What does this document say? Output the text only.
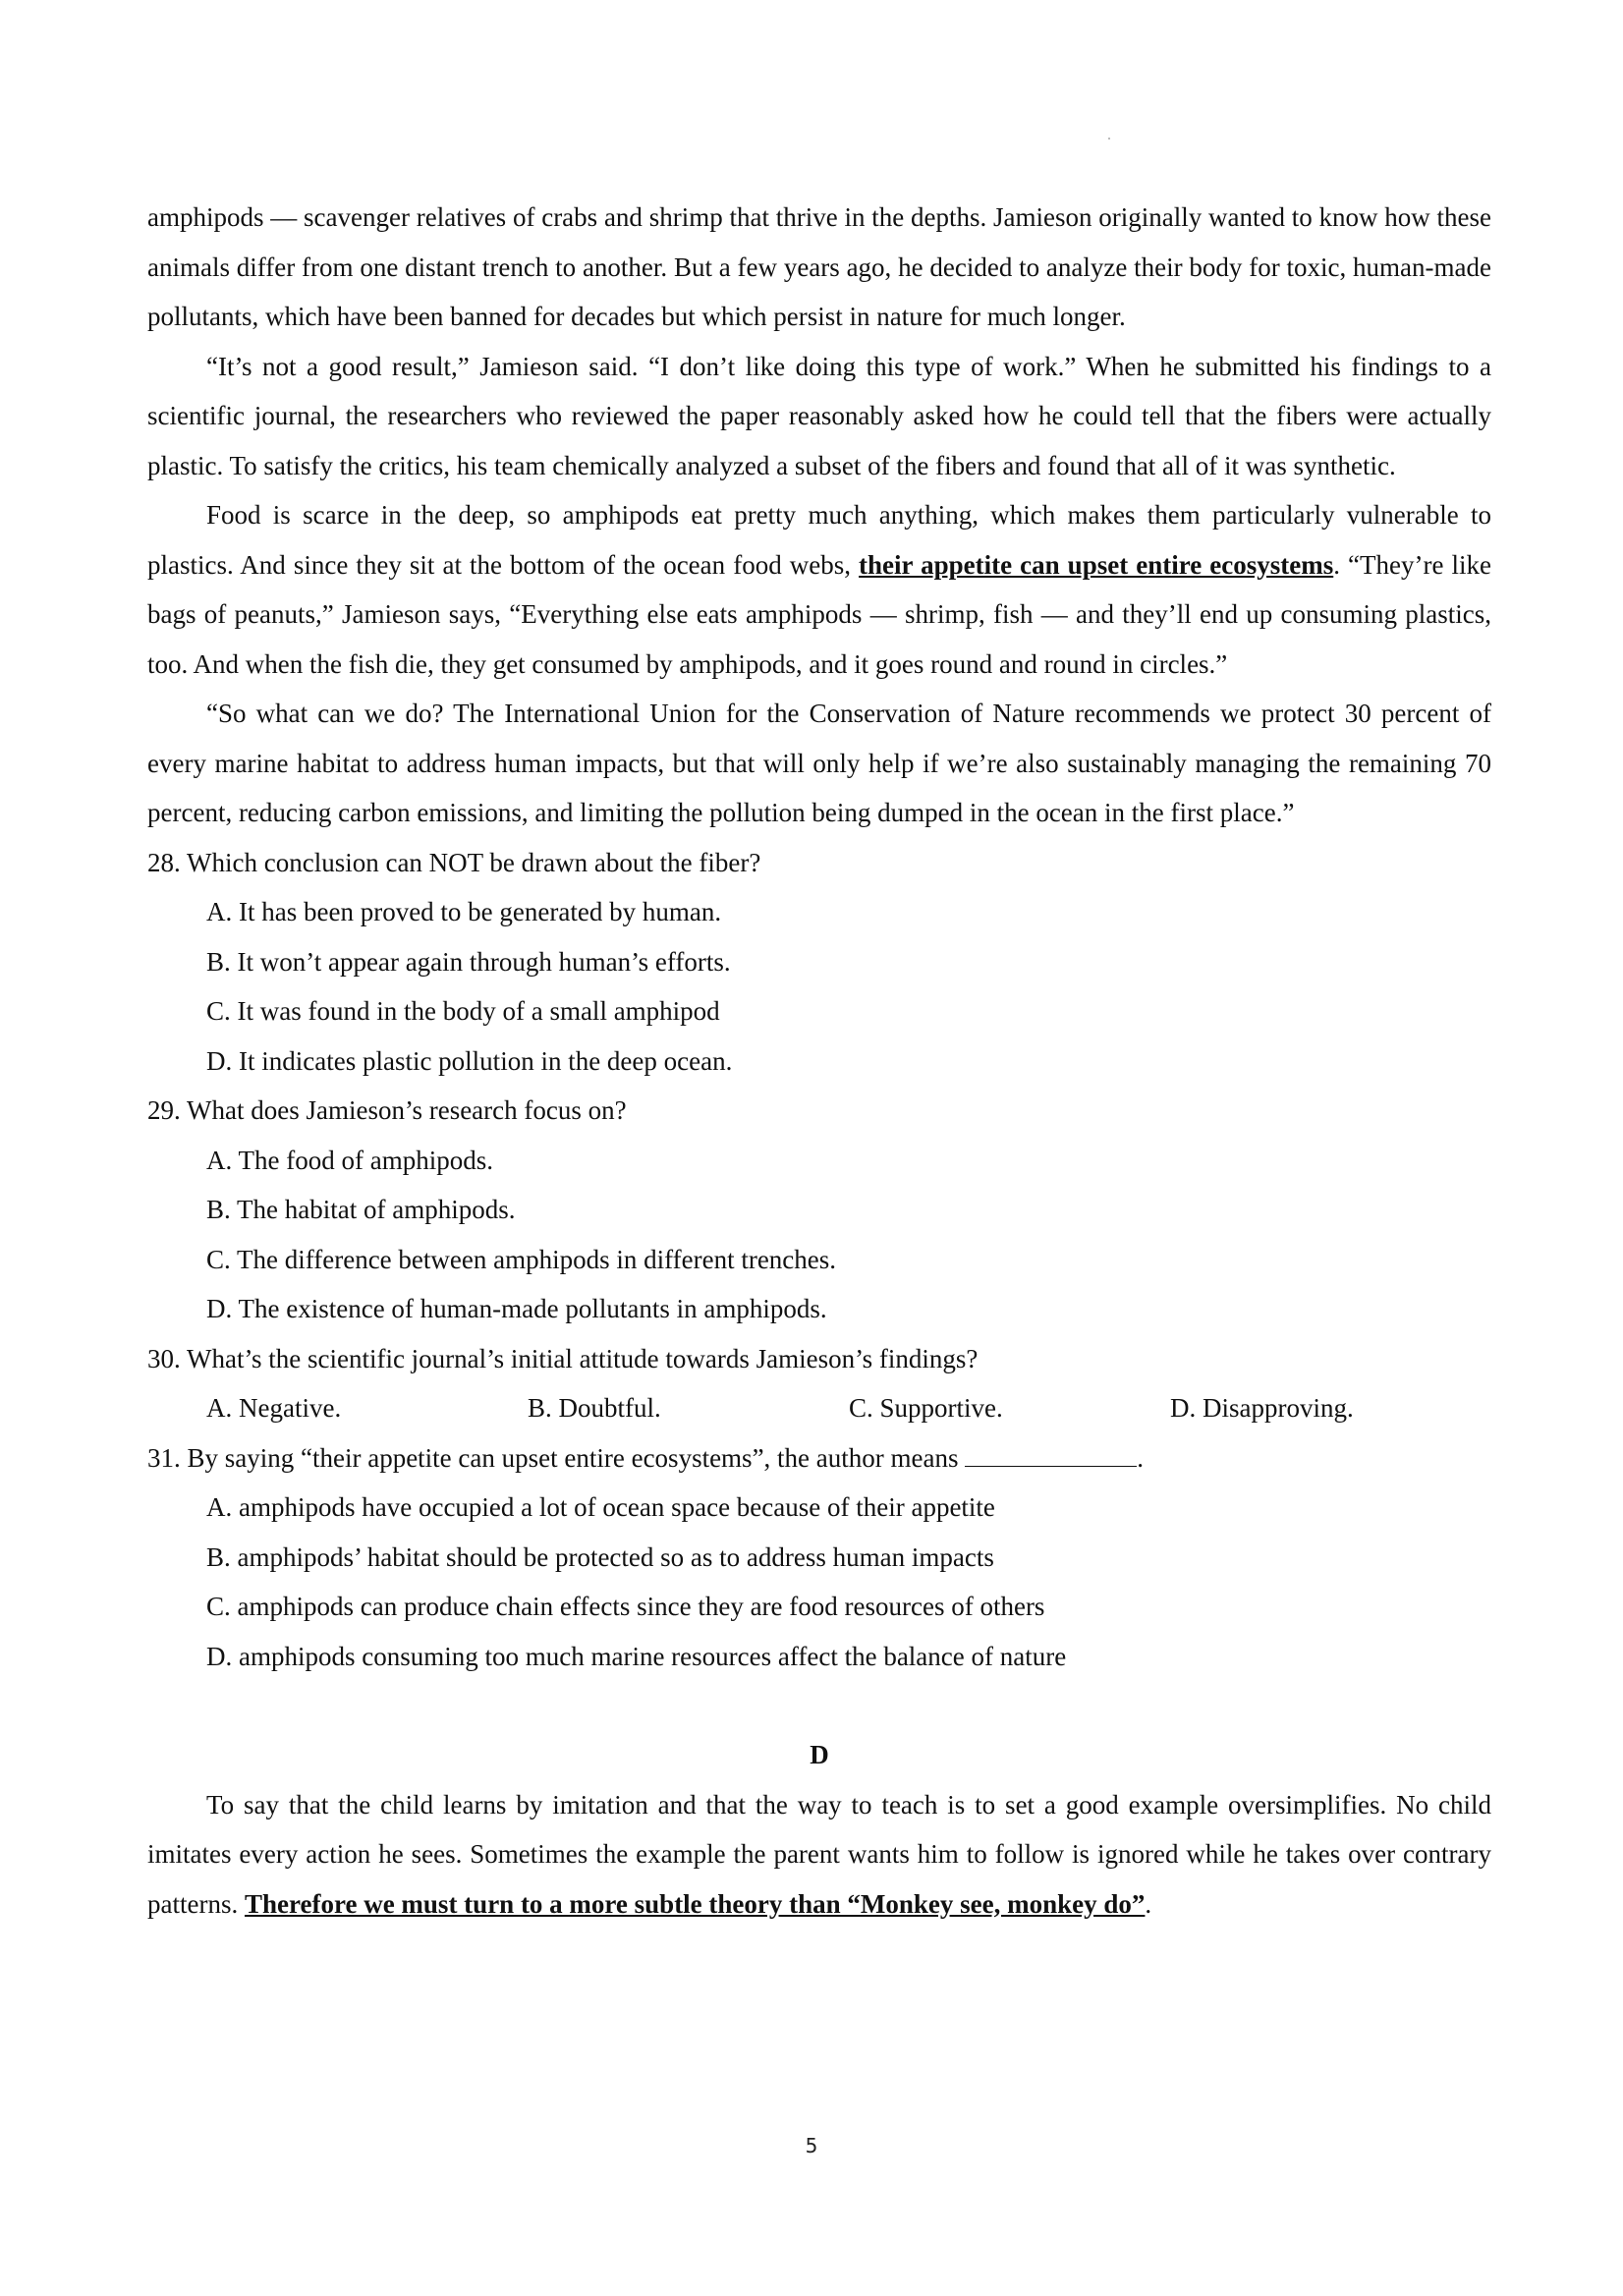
amphipods — scavenger relatives of crabs and shrimp that thrive in the depths. Jamieson originally wanted to know how these animals differ from one distant trench to another. But a few years ago, he decided to analyze their body for toxic, human-made pollutants, which have been banned for decades but which persist in nature for much longer.
“It’s not a good result,” Jamieson said. “I don’t like doing this type of work.” When he submitted his findings to a scientific journal, the researchers who reviewed the paper reasonably asked how he could tell that the fibers were actually plastic. To satisfy the critics, his team chemically analyzed a subset of the fibers and found that all of it was synthetic.
Food is scarce in the deep, so amphipods eat pretty much anything, which makes them particularly vulnerable to plastics. And since they sit at the bottom of the ocean food webs, their appetite can upset entire ecosystems. “They’re like bags of peanuts,” Jamieson says, “Everything else eats amphipods — shrimp, fish — and they’ll end up consuming plastics, too. And when the fish die, they get consumed by amphipods, and it goes round and round in circles.”
“So what can we do? The International Union for the Conservation of Nature recommends we protect 30 percent of every marine habitat to address human impacts, but that will only help if we’re also sustainably managing the remaining 70 percent, reducing carbon emissions, and limiting the pollution being dumped in the ocean in the first place.”
28. Which conclusion can NOT be drawn about the fiber?
A. It has been proved to be generated by human.
B. It won’t appear again through human’s efforts.
C. It was found in the body of a small amphipod
D. It indicates plastic pollution in the deep ocean.
29. What does Jamieson’s research focus on?
A. The food of amphipods.
B. The habitat of amphipods.
C. The difference between amphipods in different trenches.
D. The existence of human-made pollutants in amphipods.
30. What’s the scientific journal’s initial attitude towards Jamieson’s findings?
A. Negative.	B. Doubtful.	C. Supportive.	D. Disapproving.
31. By saying “their appetite can upset entire ecosystems”, the author means	.
A. amphipods have occupied a lot of ocean space because of their appetite
B. amphipods’ habitat should be protected so as to address human impacts
C. amphipods can produce chain effects since they are food resources of others
D. amphipods consuming too much marine resources affect the balance of nature
D
To say that the child learns by imitation and that the way to teach is to set a good example oversimplifies. No child imitates every action he sees. Sometimes the example the parent wants him to follow is ignored while he takes over contrary patterns. Therefore we must turn to a more subtle theory than “Monkey see, monkey do”.
5
